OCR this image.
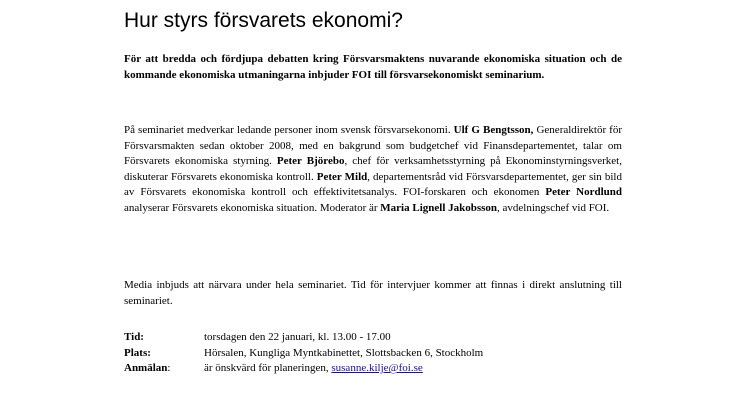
Hur styrs försvarets ekonomi?

För att bredda och fördjupa debatten kring Försvarsmaktens nuvarande ekonomiska situation och de kommande ekonomiska utmaningarna inbjuder FOI till försvarsekonomiskt seminarium.

På seminariet medverkar ledande personer inom svensk försvarsekonomi. Ulf G Bengtsson, Generaldirektör för Försvarsmakten sedan oktober 2008, med en bakgrund som budgetchef vid Finansdepartementet, talar om Försvarets ekonomiska styrning. Peter Björebo, chef för verksamhetsstyrning på Ekonominstyrningsverket, diskuterar Försvarets ekonomiska kontroll. Peter Mild, departementsråd vid Försvarsdepartementet, ger sin bild av Försvarets ekonomiska kontroll och effektivitetsanalys. FOI-forskaren och ekonomen Peter Nordlund analyserar Försvarets ekonomiska situation. Moderator är Maria Lignell Jakobsson, avdelningschef vid FOI.

Media inbjuds att närvara under hela seminariet. Tid för intervjuer kommer att finnas i direkt anslutning till seminariet.

Tid:	torsdagen den 22 januari, kl. 13.00 - 17.00
Plats:	Hörsalen, Kungliga Myntkabinettet, Slottsbacken 6, Stockholm
Anmälan:	är önskvärd för planeringen, susanne.kilje@foi.se
